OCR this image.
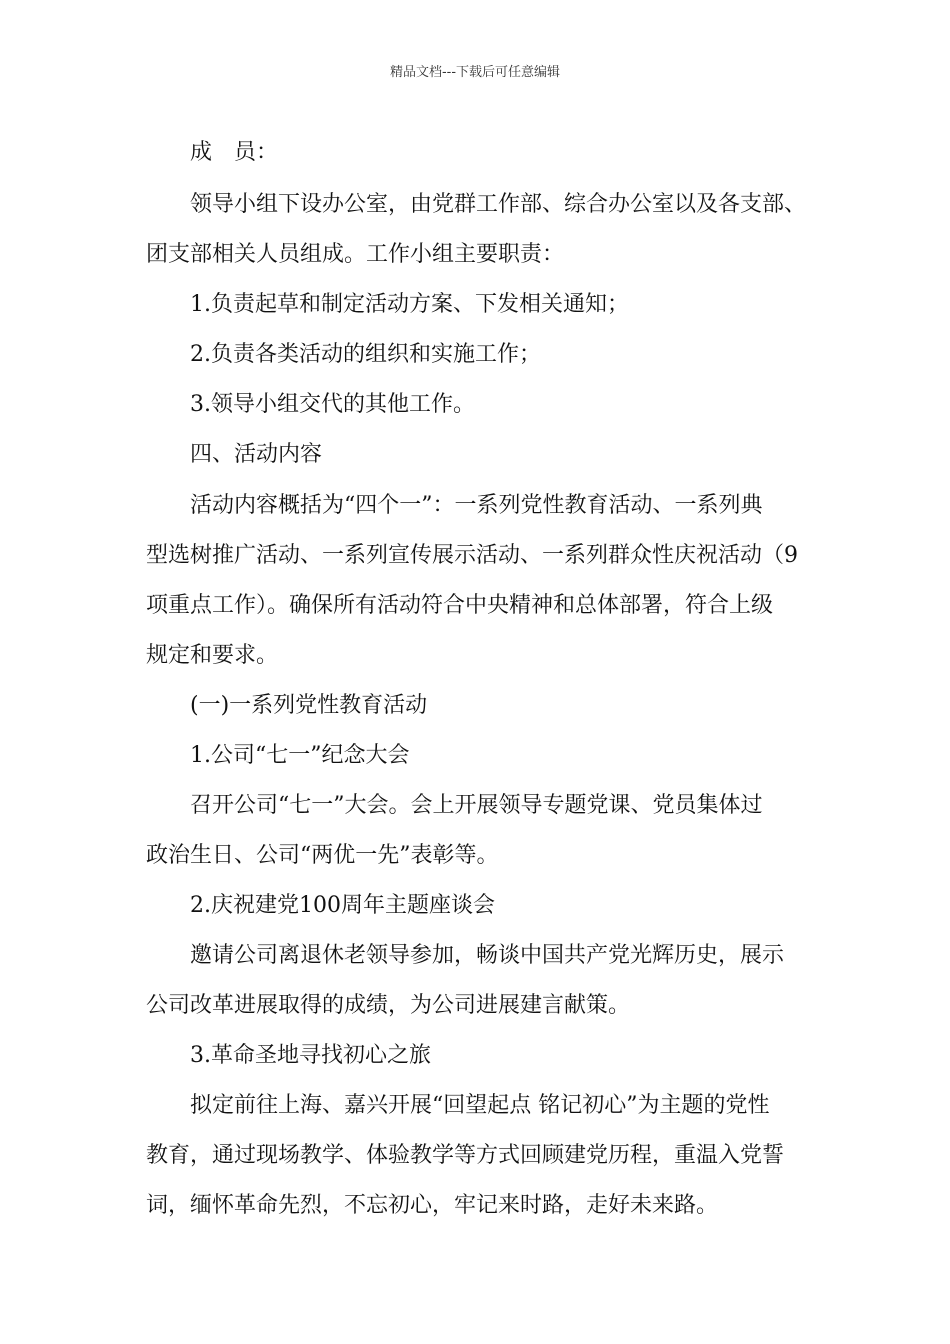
精品文档---下载后可任意编辑
成　员：
领导小组下设办公室，由党群工作部、综合办公室以及各支部、
团支部相关人员组成。工作小组主要职责：
1.负责起草和制定活动方案、下发相关通知；
2.负责各类活动的组织和实施工作；
3.领导小组交代的其他工作。
四、活动内容
活动内容概括为“四个一”：一系列党性教育活动、一系列典
型选树推广活动、一系列宣传展示活动、一系列群众性庆祝活动（9
项重点工作）。确保所有活动符合中央精神和总体部署，符合上级
规定和要求。
(一)一系列党性教育活动
1.公司“七一”纪念大会
召开公司“七一”大会。会上开展领导专题党课、党员集体过
政治生日、公司“两优一先”表彰等。
2.庆祝建党100周年主题座谈会
邀请公司离退休老领导参加，畅谈中国共产党光辉历史，展示
公司改革进展取得的成绩，为公司进展建言献策。
3.革命圣地寻找初心之旅
拟定前往上海、嘉兴开展“回望起点 铭记初心”为主题的党性
教育，通过现场教学、体验教学等方式回顾建党历程，重温入党誓
词，缅怀革命先烈，不忘初心，牢记来时路，走好未来路。
